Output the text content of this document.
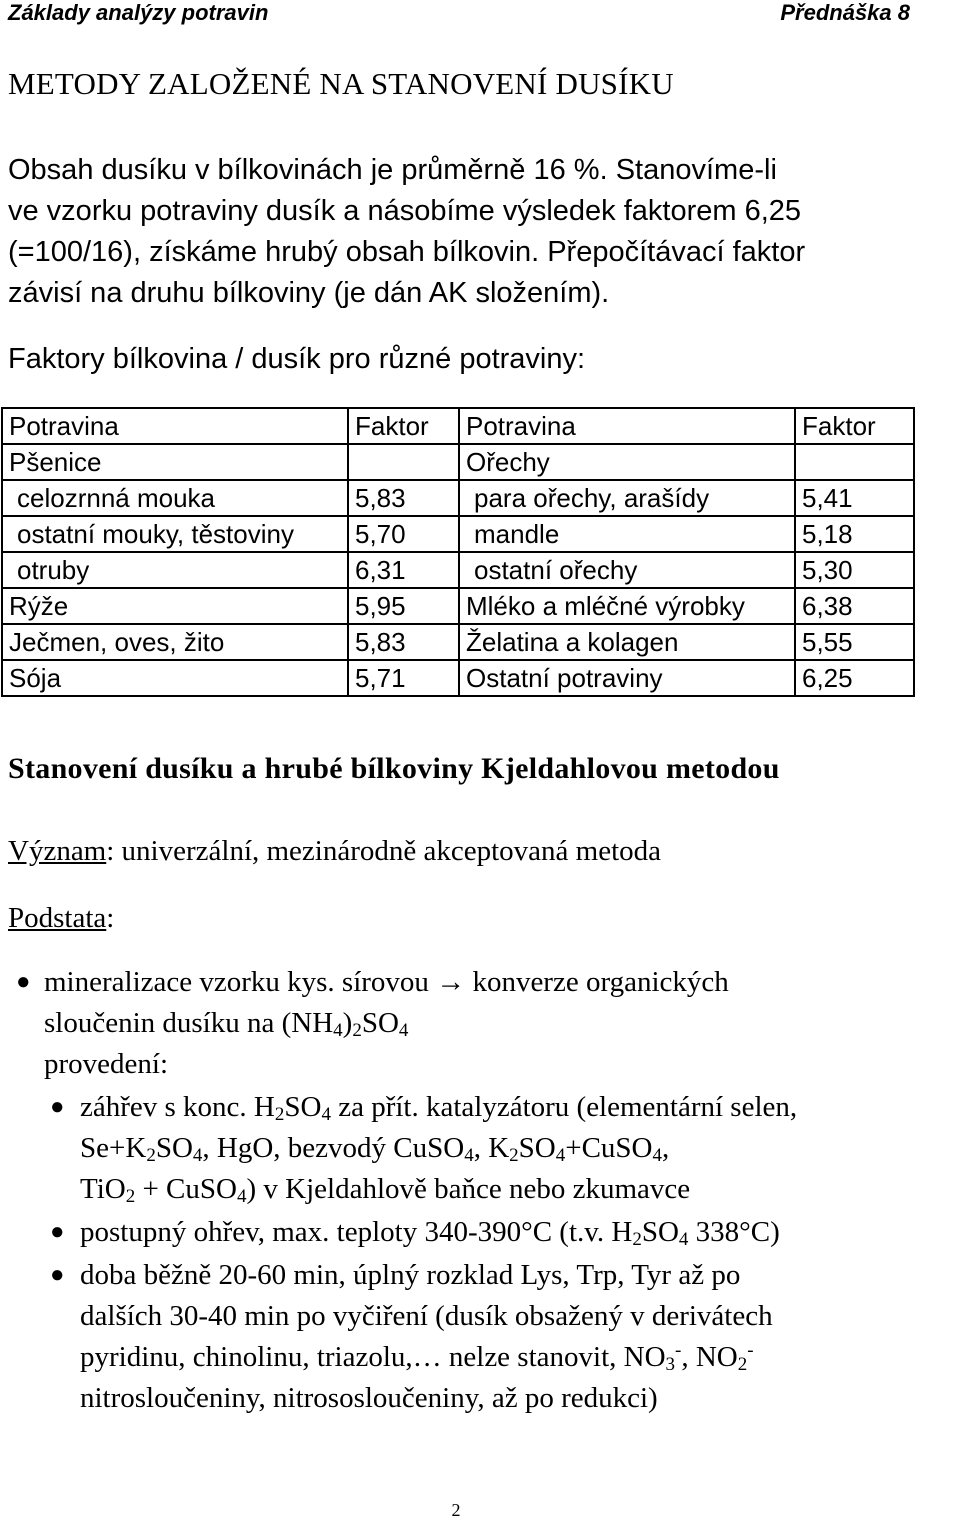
Základy analýzy potravin	Přednáška 8
METODY ZALOŽENÉ NA STANOVENÍ DUSÍKU
Obsah dusíku v bílkovinách je průměrně 16 %. Stanovíme-li
ve vzorku potraviny dusík a násobíme výsledek faktorem 6,25
(=100/16), získáme hrubý obsah bílkovin. Přepočítávací faktor
závisí na druhu bílkoviny (je dán AK složením).
Faktory bílkovina / dusík pro různé potraviny:
Potravina	Faktor	Potravina	Faktor
Pšenice		Ořechy	
celozrnná mouka	5,83	para ořechy, arašídy	5,41
ostatní mouky, těstoviny	5,70	mandle	5,18
otruby	6,31	ostatní ořechy	5,30
Rýže	5,95	Mléko a mléčné výrobky	6,38
Ječmen, oves, žito	5,83	Želatina a kolagen	5,55
Sója	5,71	Ostatní potraviny	6,25
Stanovení dusíku a hrubé bílkoviny Kjeldahlovou metodou
Význam: univerzální, mezinárodně akceptovaná metoda
Podstata:
● mineralizace vzorku kys. sírovou → konverze organických
sloučenin dusíku na $(NH_4)_2SO_4$
provedení:
● záhřev s konc. $H_2SO_4$ za přít. katalyzátoru (elementární selen,
$Se+K_2SO_4$, HgO, bezvodý CuSO$_4$, $K_2SO_4+CuSO_4$,
TiO$_2$ + CuSO$_4$) v Kjeldahlově baňce nebo zkumavce
● postupný ohřev, max. teploty 340-390°C (t.v. $H_2SO_4$ 338°C)
● doba běžně 20-60 min, úplný rozklad Lys, Trp, Tyr až po
dalších 30-40 min po vyčiření (dusík obsažený v derivátech
pyridinu, chinolinu, triazolu,… nelze stanovit, $NO_3^-$, $NO_2^-$
nitrosloučeniny, nitrososloučeniny, až po redukci)
2
